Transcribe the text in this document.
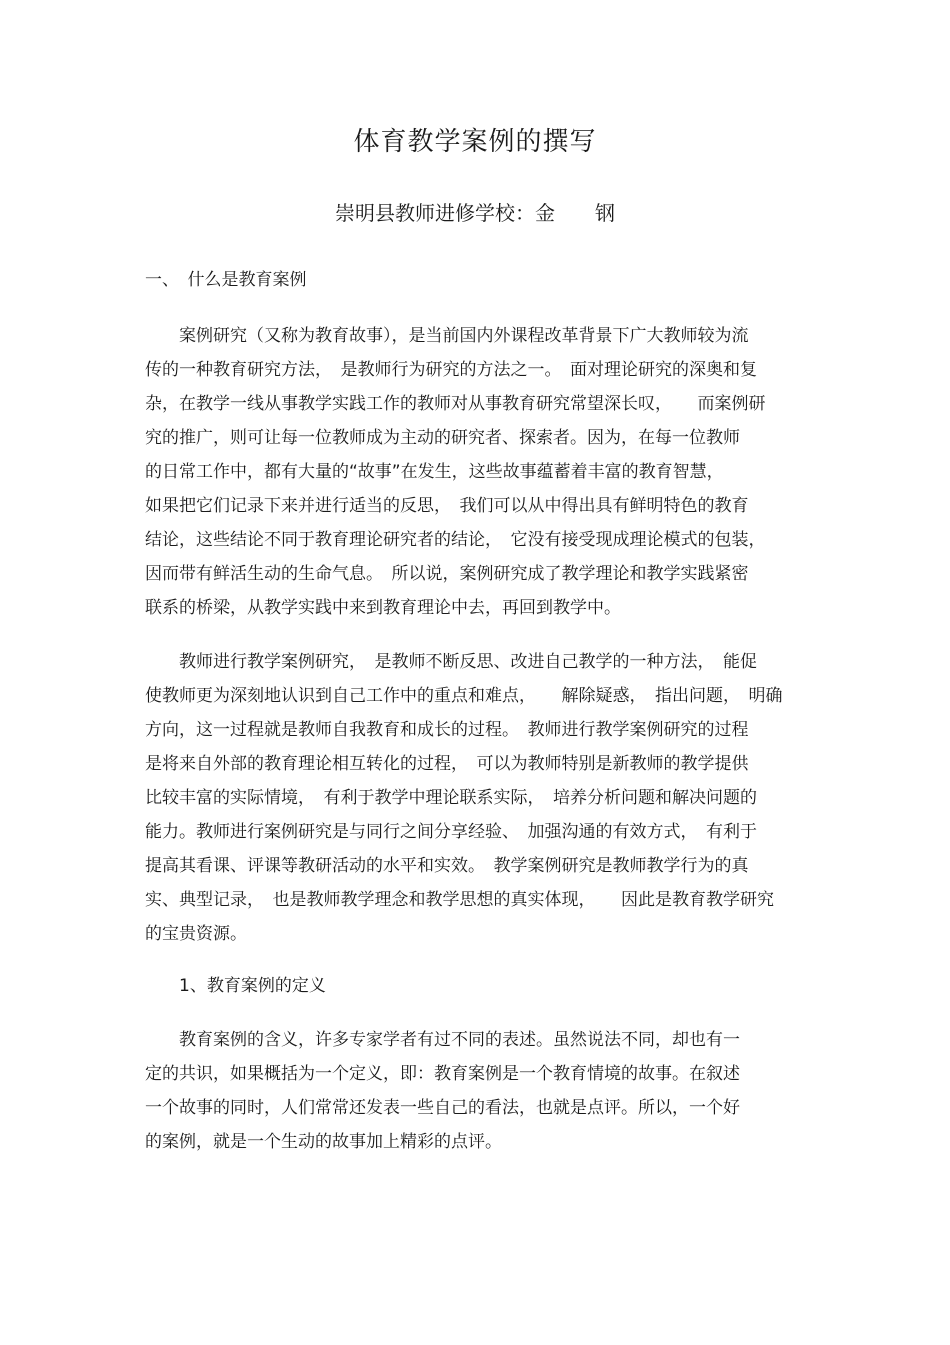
体育教学案例的撰写
崇明县教师进修学校：金 钢
一、　什么是教育案例
　　案例研究（又称为教育故事），是当前国内外课程改革背景下广大教师较为流
传的一种教育研究方法，　是教师行为研究的方法之一。　面对理论研究的深奥和复
杂，在教学一线从事教学实践工作的教师对从事教育研究常望深长叹，　　而案例研
究的推广，则可让每一位教师成为主动的研究者、探索者。因为，在每一位教师
的日常工作中，都有大量的“故事”在发生，这些故事蕴蓄着丰富的教育智慧，
如果把它们记录下来并进行适当的反思，　我们可以从中得出具有鲜明特色的教育
结论，这些结论不同于教育理论研究者的结论，　它没有接受现成理论模式的包装，
因而带有鲜活生动的生命气息。　所以说，案例研究成了教学理论和教学实践紧密
联系的桥梁，从教学实践中来到教育理论中去，再回到教学中。
　　教师进行教学案例研究，　是教师不断反思、改进自己教学的一种方法，　能促
使教师更为深刻地认识到自己工作中的重点和难点，　　解除疑惑，　指出问题，　明确
方向，这一过程就是教师自我教育和成长的过程。　教师进行教学案例研究的过程
是将来自外部的教育理论相互转化的过程，　可以为教师特别是新教师的教学提供
比较丰富的实际情境，　有利于教学中理论联系实际，　培养分析问题和解决问题的
能力。教师进行案例研究是与同行之间分享经验、　加强沟通的有效方式，　有利于
提高其看课、评课等教研活动的水平和实效。　教学案例研究是教师教学行为的真
实、典型记录，　也是教师教学理念和教学思想的真实体现，　　因此是教育教学研究
的宝贵资源。
　　1、教育案例的定义
　　教育案例的含义，许多专家学者有过不同的表述。虽然说法不同，却也有一
定的共识，如果概括为一个定义，即：教育案例是一个教育情境的故事。在叙述
一个故事的同时，人们常常还发表一些自己的看法，也就是点评。所以，一个好
的案例，就是一个生动的故事加上精彩的点评。
